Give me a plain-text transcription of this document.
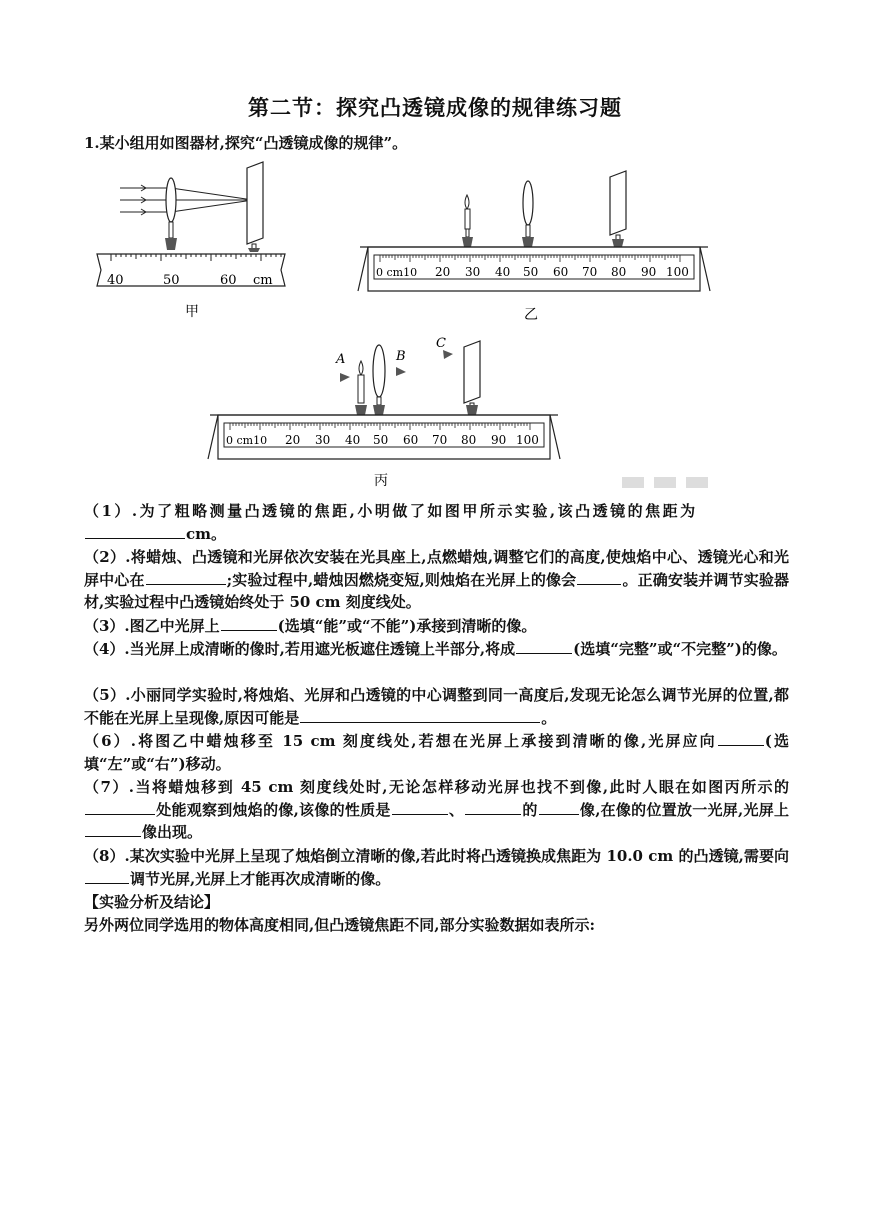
第二节：探究凸透镜成像的规律练习题
1.某小组用如图器材,探究“凸透镜成像的规律”。
40	50	60 cm
甲
0 cm10 20 30 40 50 60 70 80 90 100
乙
A	B
C
0 cm10 20 30 40 50 60 70 80 90 100
丙

（1）.为了粗略测量凸透镜的焦距,小明做了如图甲所示实验,该凸透镜的焦距为
cm。

（2）.将蜡烛、凸透镜和光屏依次安装在光具座上,点燃蜡烛,调整它们的高度,使烛焰中心、透镜光心和光屏中心在	;实验过程中,蜡烛因燃烧变短,则烛焰在光屏上的像会	。正确安装并调节实验器材,实验过程中凸透镜始终处于 50 cm 刻度线处。

（3）.图乙中光屏上	(选填“能”或“不能”)承接到清晰的像。

（4）.当光屏上成清晰的像时,若用遮光板遮住透镜上半部分,将成	(选填“完整”或“不完整”)的像。

（5）.小丽同学实验时,将烛焰、光屏和凸透镜的中心调整到同一高度后,发现无论怎么调节光屏的位置,都不能在光屏上呈现像,原因可能是	。

（6）.将图乙中蜡烛移至 15 cm 刻度线处,若想在光屏上承接到清晰的像,光屏应向	(选填“左”或“右”)移动。

（7）.当将蜡烛移到 45 cm 刻度线处时,无论怎样移动光屏也找不到像,此时人眼在如图丙所示的处能观察到烛焰的像,该像的性质是	、	的	像,在像的位置放一光屏,光屏上像出现。

（8）.某次实验中光屏上呈现了烛焰倒立清晰的像,若此时将凸透镜换成焦距为 10.0 cm 的凸透镜,需要向调节光屏,光屏上才能再次成清晰的像。

【实验分析及结论】

另外两位同学选用的物体高度相同,但凸透镜焦距不同,部分实验数据如表所示:
